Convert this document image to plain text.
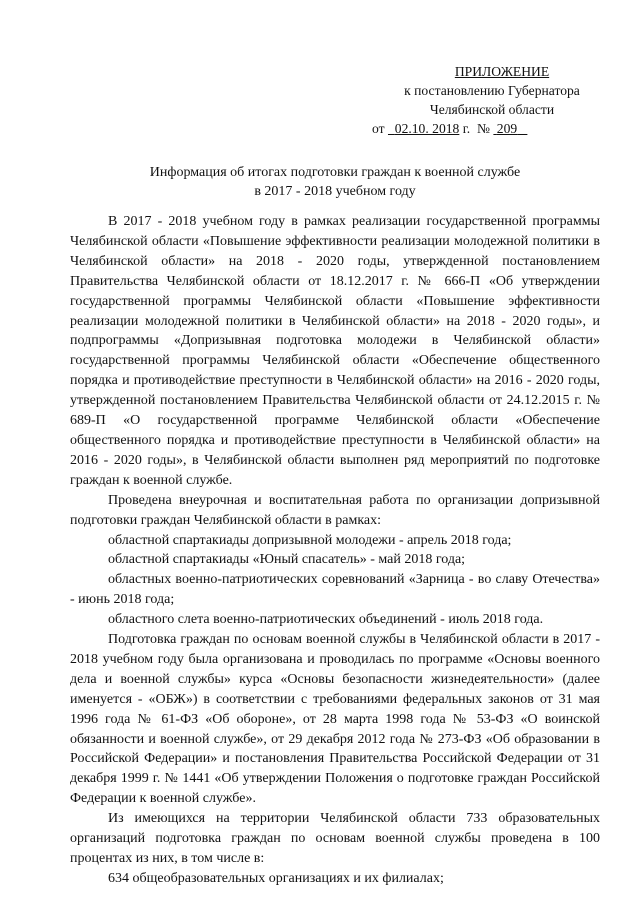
ПРИЛОЖЕНИЕ
к постановлению Губернатора
Челябинской области
от 02.10. 2018 г. № 209
Информация об итогах подготовки граждан к военной службе
в 2017 - 2018 учебном году

В 2017 - 2018 учебном году в рамках реализации государственной программы Челябинской области «Повышение эффективности реализации молодежной политики в Челябинской области» на 2018 - 2020 годы, утвержденной постановлением Правительства Челябинской области от 18.12.2017 г. № 666-П «Об утверждении государственной программы Челябинской области «Повышение эффективности реализации молодежной политики в Челябинской области» на 2018 - 2020 годы», и подпрограммы «Допризывная подготовка молодежи в Челябинской области» государственной программы Челябинской области «Обеспечение общественного порядка и противодействие преступности в Челябинской области» на 2016 - 2020 годы, утвержденной постановлением Правительства Челябинской области от 24.12.2015 г. № 689-П «О государственной программе Челябинской области «Обеспечение общественного порядка и противодействие преступности в Челябинской области» на 2016 - 2020 годы», в Челябинской области выполнен ряд мероприятий по подготовке граждан к военной службе.

Проведена внеурочная и воспитательная работа по организации допризывной подготовки граждан Челябинской области в рамках:

областной спартакиады допризывной молодежи - апрель 2018 года;

областной спартакиады «Юный спасатель» - май 2018 года;

областных военно-патриотических соревнований «Зарница - во славу Отечества» - июнь 2018 года;

областного слета военно-патриотических объединений - июль 2018 года.

Подготовка граждан по основам военной службы в Челябинской области в 2017 - 2018 учебном году была организована и проводилась по программе «Основы военного дела и военной службы» курса «Основы безопасности жизнедеятельности» (далее именуется - «ОБЖ») в соответствии с требованиями федеральных законов от 31 мая 1996 года № 61-ФЗ «Об обороне», от 28 марта 1998 года № 53-ФЗ «О воинской обязанности и военной службе», от 29 декабря 2012 года № 273-ФЗ «Об образовании в Российской Федерации» и постановления Правительства Российской Федерации от 31 декабря 1999 г. № 1441 «Об утверждении Положения о подготовке граждан Российской Федерации к военной службе».

Из имеющихся на территории Челябинской области 733 образовательных организаций подготовка граждан по основам военной службы проведена в 100 процентах из них, в том числе в:

634 общеобразовательных организациях и их филиалах;
